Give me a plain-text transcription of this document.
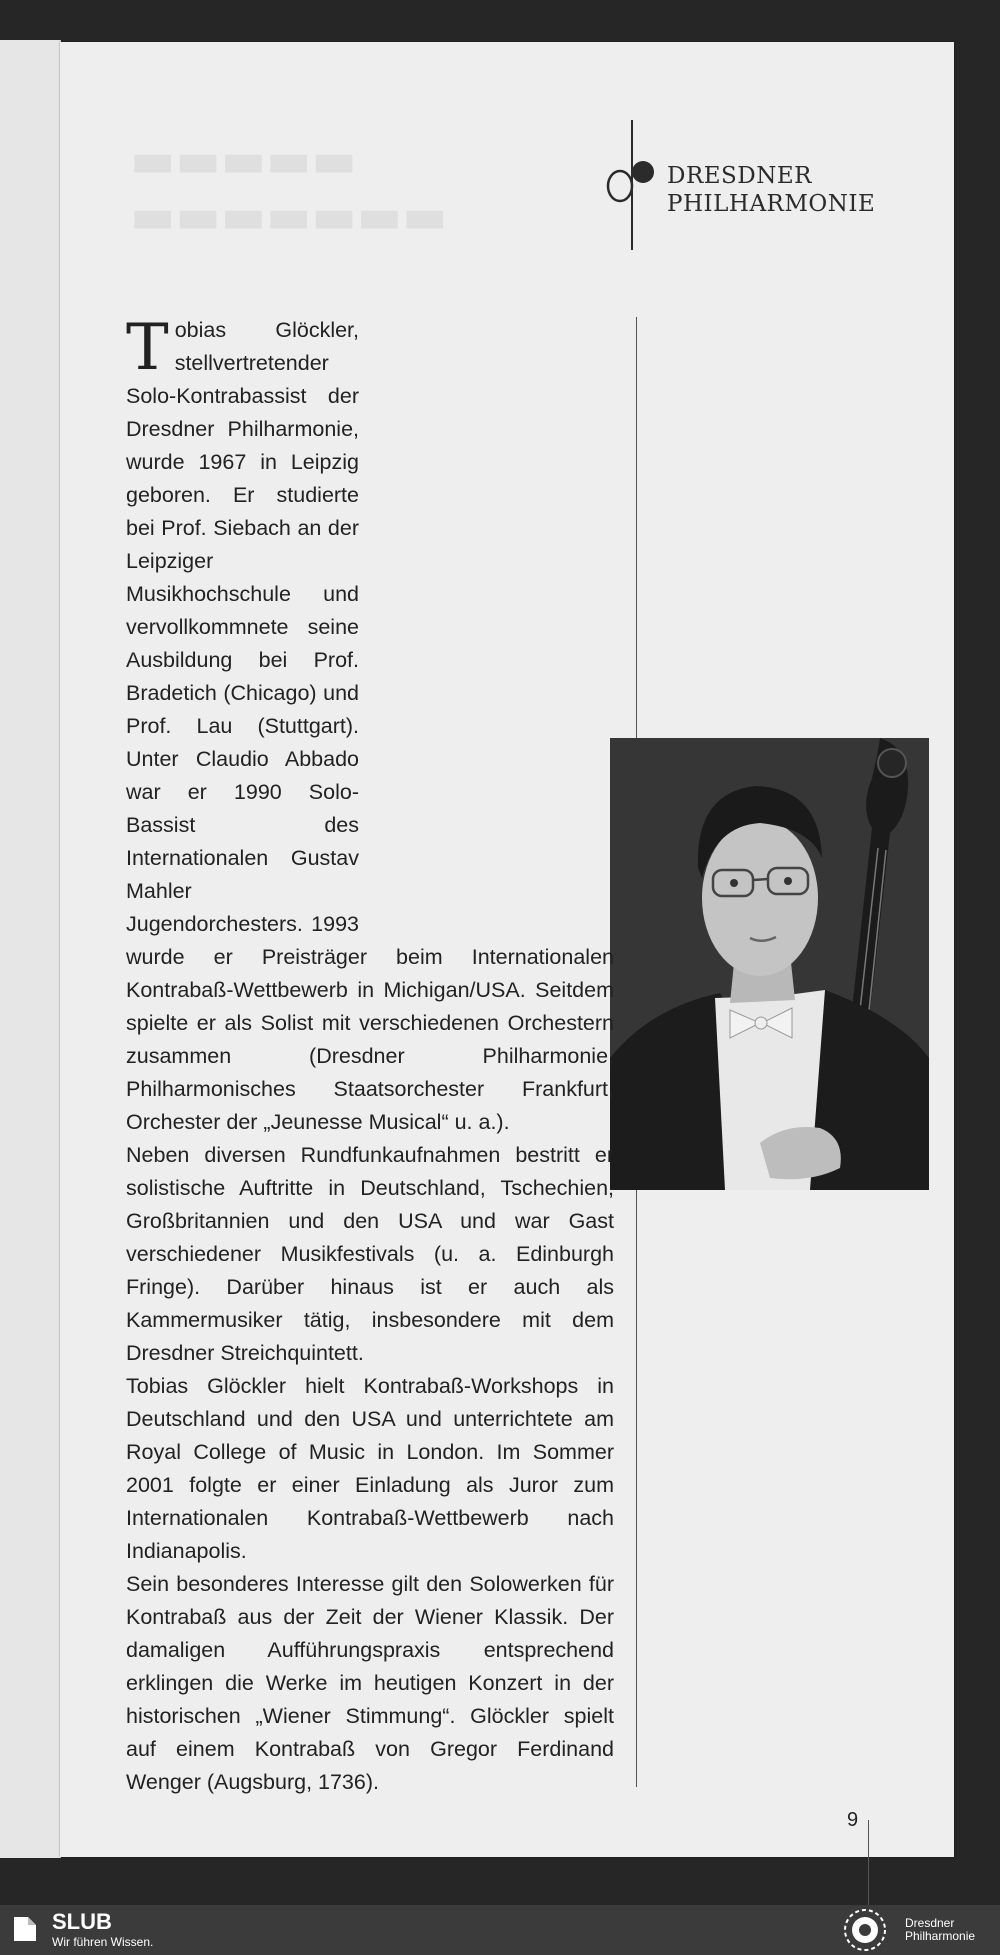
▬▬▬▬▬
▬▬▬▬▬▬▬
DRESDNER
PHILHARMONIE

Tobias Glöckler, stellvertretender Solo-Kontrabassist der Dresdner Philharmonie, wurde 1967 in Leipzig geboren. Er studierte bei Prof. Siebach an der Leipziger Musikhochschule und vervollkommnete seine Ausbildung bei Prof. Bradetich (Chicago) und Prof. Lau (Stuttgart). Unter Claudio Abbado war er 1990 Solo-Bassist des Internationalen Gustav Mahler Jugendorchesters. 1993 wurde er Preisträger beim Internationalen Kontrabaß-Wettbewerb in Michigan/USA. Seitdem spielte er als Solist mit verschiedenen Orchestern zusammen (Dresdner Philharmonie, Philharmonisches Staatsorchester Frankfurt, Orchester der „Jeunesse Musical“ u. a.).

Neben diversen Rundfunkaufnahmen bestritt er solistische Auftritte in Deutschland, Tschechien, Großbritannien und den USA und war Gast verschiedener Musikfestivals (u. a. Edinburgh Fringe). Darüber hinaus ist er auch als Kammermusiker tätig, insbesondere mit dem Dresdner Streichquintett.

Tobias Glöckler hielt Kontrabaß-Workshops in Deutschland und den USA und unterrichtete am Royal College of Music in London. Im Sommer 2001 folgte er einer Einladung als Juror zum Internationalen Kontrabaß-Wettbewerb nach Indianapolis.

Sein besonderes Interesse gilt den Solowerken für Kontrabaß aus der Zeit der Wiener Klassik. Der damaligen Aufführungspraxis entsprechend erklingen die Werke im heutigen Konzert in der historischen „Wiener Stimmung“. Glöckler spielt auf einem Kontrabaß von Gregor Ferdinand Wenger (Augsburg, 1736).

9
SLUB
Wir führen Wissen.
Dresdner
Philharmonie
